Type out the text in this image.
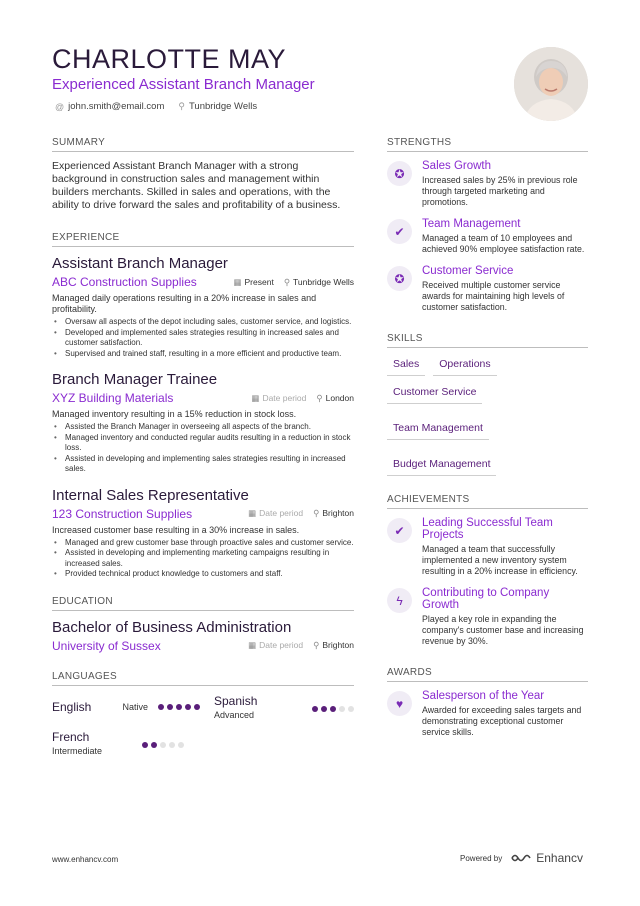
CHARLOTTE MAY
Experienced Assistant Branch Manager
@ john.smith@email.com ⚲ Tunbridge Wells
SUMMARY
Experienced Assistant Branch Manager with a strong background in construction sales and management within builders merchants. Skilled in sales and operations, with the ability to drive forward the sales and profitability of a business.
EXPERIENCE
Assistant Branch Manager
ABC Construction Supplies	▦ Present ⚲ Tunbridge Wells
Managed daily operations resulting in a 20% increase in sales and profitability.
• Oversaw all aspects of the depot including sales, customer service, and logistics.
• Developed and implemented sales strategies resulting in increased sales and customer satisfaction.
• Supervised and trained staff, resulting in a more efficient and productive team.
Branch Manager Trainee
XYZ Building Materials	▦ Date period ⚲ London
Managed inventory resulting in a 15% reduction in stock loss.
• Assisted the Branch Manager in overseeing all aspects of the branch.
• Managed inventory and conducted regular audits resulting in a reduction in stock loss.
• Assisted in developing and implementing sales strategies resulting in increased sales.
Internal Sales Representative
123 Construction Supplies	▦ Date period ⚲ Brighton
Increased customer base resulting in a 30% increase in sales.
• Managed and grew customer base through proactive sales and customer service.
• Assisted in developing and implementing marketing campaigns resulting in increased sales.
• Provided technical product knowledge to customers and staff.
EDUCATION
Bachelor of Business Administration
University of Sussex	▦ Date period ⚲ Brighton
LANGUAGES
English	Native	Spanish
Advanced
French
Intermediate
STRENGTHS
✪
Sales Growth
Increased sales by 25% in previous role through targeted marketing and promotions.
✔
Team Management
Managed a team of 10 employees and achieved 90% employee satisfaction rate.
✪
Customer Service
Received multiple customer service awards for maintaining high levels of customer satisfaction.
SKILLS
Sales	Operations
Customer Service
Team Management
Budget Management
ACHIEVEMENTS
✔
Leading Successful Team Projects
Managed a team that successfully implemented a new inventory system resulting in a 20% increase in efficiency.
ϟ
Contributing to Company Growth
Played a key role in expanding the company's customer base and increasing revenue by 30%.
AWARDS
♥
Salesperson of the Year
Awarded for exceeding sales targets and demonstrating exceptional customer service skills.
www.enhancv.com	Powered by	Enhancv
